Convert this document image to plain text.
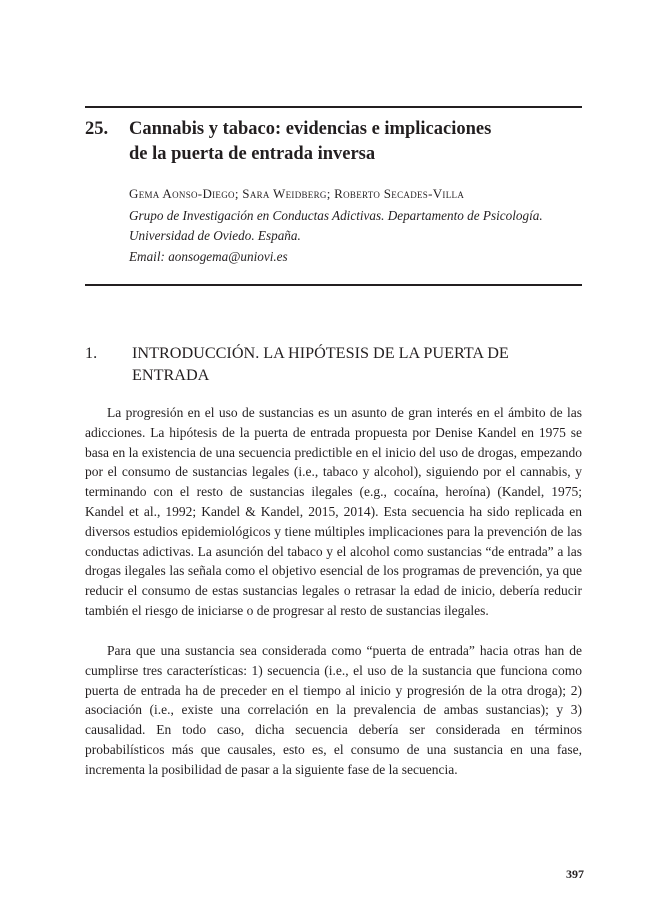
25. Cannabis y tabaco: evidencias e implicaciones
de la puerta de entrada inversa
Gema Aonso-Diego; Sara Weidberg; Roberto Secades-Villa
Grupo de Investigación en Conductas Adictivas. Departamento de Psicología. Universidad de Oviedo. España.
Email: aonsogema@uniovi.es
1. INTRODUCCIÓN. LA HIPÓTESIS DE LA PUERTA DE ENTRADA

La progresión en el uso de sustancias es un asunto de gran interés en el ámbito de las adicciones. La hipótesis de la puerta de entrada propuesta por Denise Kandel en 1975 se basa en la existencia de una secuencia predictible en el inicio del uso de drogas, empezando por el consumo de sustancias legales (i.e., tabaco y alcohol), siguiendo por el cannabis, y terminando con el resto de sustancias ilegales (e.g., cocaína, heroína) (Kandel, 1975; Kandel et al., 1992; Kandel & Kandel, 2015, 2014). Esta secuencia ha sido replicada en diversos estudios epidemiológicos y tiene múltiples implicaciones para la prevención de las conductas adictivas. La asunción del tabaco y el alcohol como sustancias “de entrada” a las drogas ilegales las señala como el objetivo esencial de los programas de prevención, ya que reducir el consumo de estas sustancias legales o retrasar la edad de inicio, debería reducir también el riesgo de iniciarse o de progresar al resto de sustancias ilegales.

Para que una sustancia sea considerada como “puerta de entrada” hacia otras han de cumplirse tres características: 1) secuencia (i.e., el uso de la sustancia que funciona como puerta de entrada ha de preceder en el tiempo al inicio y progresión de la otra droga); 2) asociación (i.e., existe una correlación en la prevalencia de ambas sustancias); y 3) causalidad. En todo caso, dicha secuencia debería ser considerada en términos probabilísticos más que causales, esto es, el consumo de una sustancia en una fase, incrementa la posibilidad de pasar a la siguiente fase de la secuencia.

397
